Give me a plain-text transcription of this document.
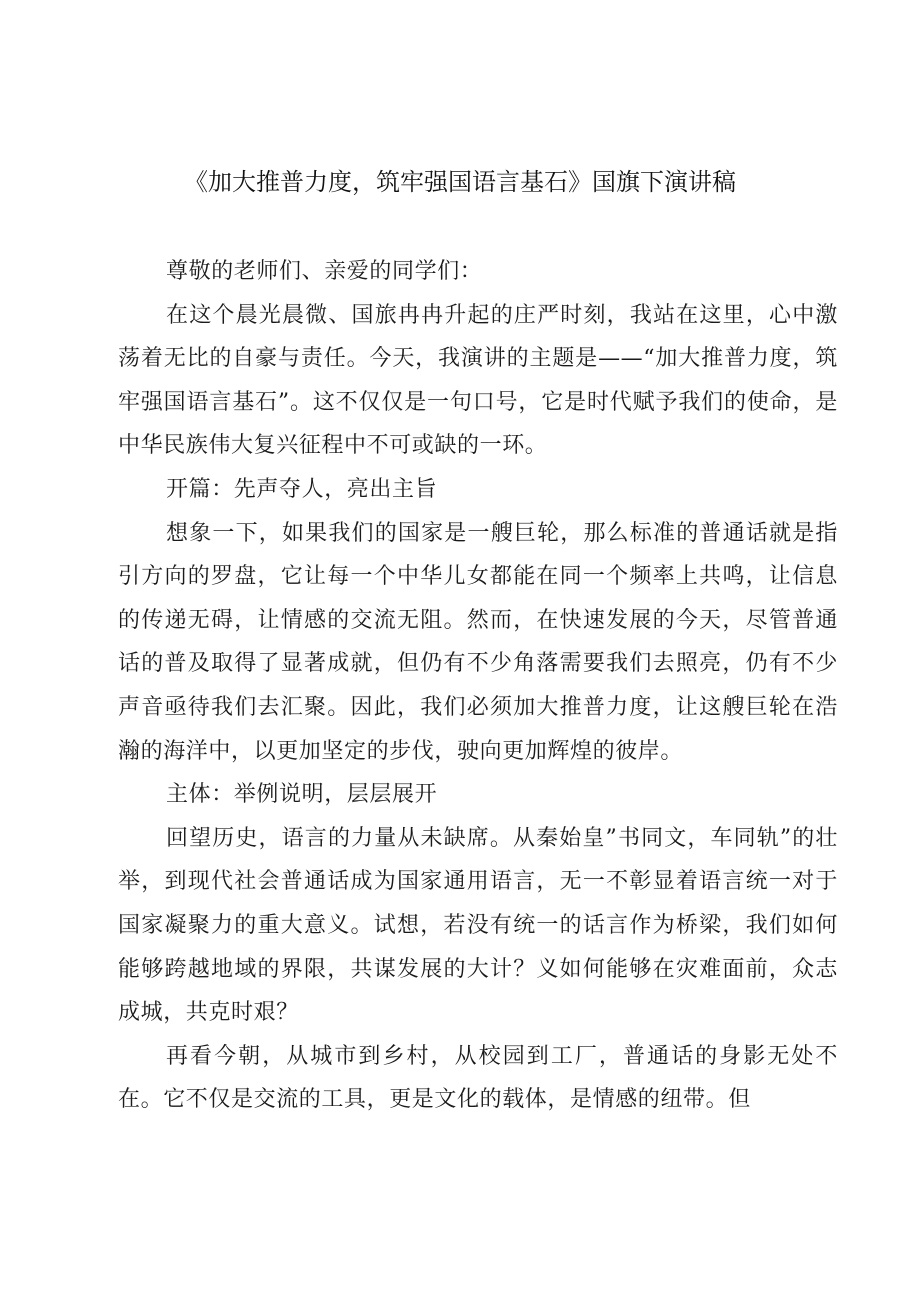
《加大推普力度，筑牢强国语言基石》国旗下演讲稿

尊敬的老师们、亲爱的同学们：

在这个晨光晨微、国旅冉冉升起的庄严时刻，我站在这里，心中激荡着无比的自豪与责任。今天，我演讲的主题是——“加大推普力度，筑牢强国语言基石”。这不仅仅是一句口号，它是时代赋予我们的使命，是中华民族伟大复兴征程中不可或缺的一环。

开篇：先声夺人，亮出主旨

想象一下，如果我们的国家是一艘巨轮，那么标准的普通话就是指引方向的罗盘，它让每一个中华儿女都能在同一个频率上共鸣，让信息的传递无碍，让情感的交流无阻。然而，在快速发展的今天，尽管普通话的普及取得了显著成就，但仍有不少角落需要我们去照亮，仍有不少声音亟待我们去汇聚。因此，我们必须加大推普力度，让这艘巨轮在浩瀚的海洋中，以更加坚定的步伐，驶向更加辉煌的彼岸。

主体：举例说明，层层展开

回望历史，语言的力量从未缺席。从秦始皇”书同文，车同轨”的壮举，到现代社会普通话成为国家通用语言，无一不彰显着语言统一对于国家凝聚力的重大意义。试想，若没有统一的话言作为桥梁，我们如何能够跨越地域的界限，共谋发展的大计？义如何能够在灾难面前，众志成城，共克时艰？

再看今朝，从城市到乡村，从校园到工厂，普通话的身影无处不在。它不仅是交流的工具，更是文化的载体，是情感的纽带。但
